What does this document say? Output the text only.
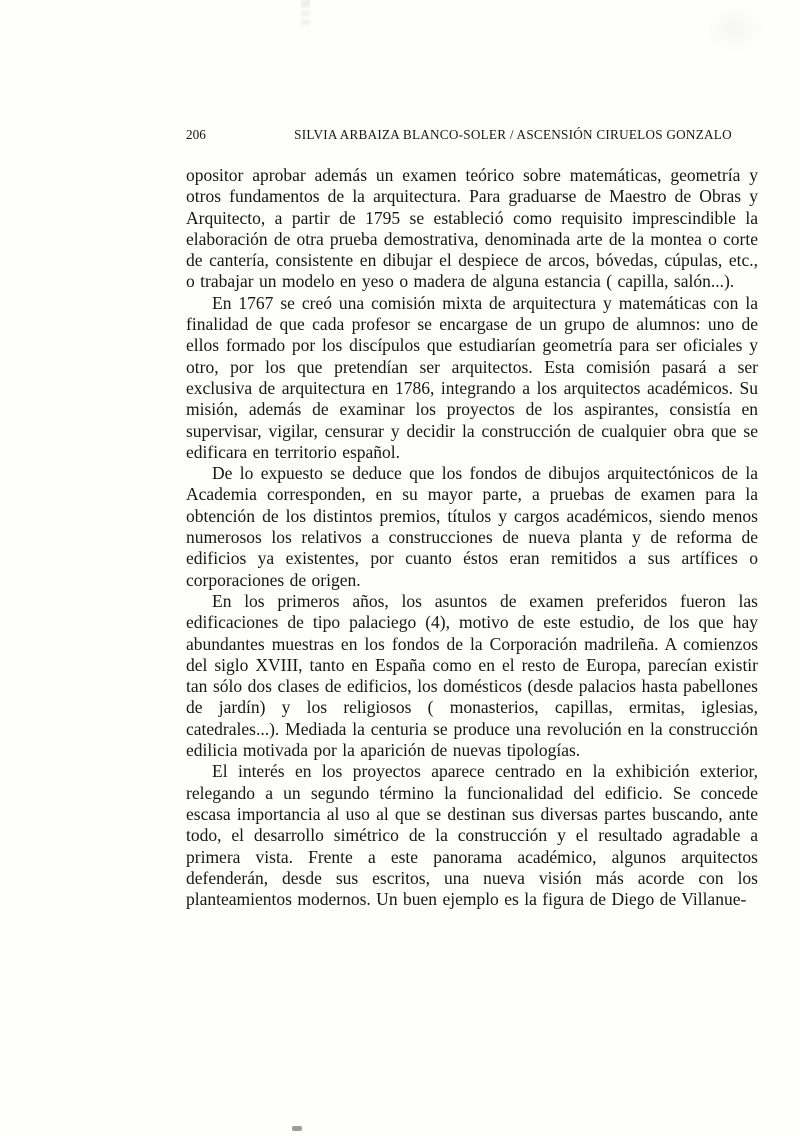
206	SILVIA ARBAIZA BLANCO-SOLER / ASCENSIÓN CIRUELOS GONZALO

opositor aprobar además un examen teórico sobre matemáticas, geometría y otros fundamentos de la arquitectura. Para graduarse de Maestro de Obras y Arquitecto, a partir de 1795 se estableció como requisito imprescindible la elaboración de otra prueba demostrativa, denominada arte de la montea o corte de cantería, consistente en dibujar el despiece de arcos, bóvedas, cúpulas, etc., o trabajar un modelo en yeso o madera de alguna estancia ( capilla, salón...).

En 1767 se creó una comisión mixta de arquitectura y matemáticas con la finalidad de que cada profesor se encargase de un grupo de alumnos: uno de ellos formado por los discípulos que estudiarían geometría para ser oficiales y otro, por los que pretendían ser arquitectos. Esta comisión pasará a ser exclusiva de arquitectura en 1786, integrando a los arquitectos académicos. Su misión, además de examinar los proyectos de los aspirantes, consistía en supervisar, vigilar, censurar y decidir la construcción de cualquier obra que se edificara en territorio español.

De lo expuesto se deduce que los fondos de dibujos arquitectónicos de la Academia corresponden, en su mayor parte, a pruebas de examen para la obtención de los distintos premios, títulos y cargos académicos, siendo menos numerosos los relativos a construcciones de nueva planta y de reforma de edificios ya existentes, por cuanto éstos eran remitidos a sus artífices o corporaciones de origen.

En los primeros años, los asuntos de examen preferidos fueron las edificaciones de tipo palaciego (4), motivo de este estudio, de los que hay abundantes muestras en los fondos de la Corporación madrileña. A comienzos del siglo XVIII, tanto en España como en el resto de Europa, parecían existir tan sólo dos clases de edificios, los domésticos (desde palacios hasta pabellones de jardín) y los religiosos ( monasterios, capillas, ermitas, iglesias, catedrales...). Mediada la centuria se produce una revolución en la construcción edilicia motivada por la aparición de nuevas tipologías.

El interés en los proyectos aparece centrado en la exhibición exterior, relegando a un segundo término la funcionalidad del edificio. Se concede escasa importancia al uso al que se destinan sus diversas partes buscando, ante todo, el desarrollo simétrico de la construcción y el resultado agradable a primera vista. Frente a este panorama académico, algunos arquitectos defenderán, desde sus escritos, una nueva visión más acorde con los planteamientos modernos. Un buen ejemplo es la figura de Diego de Villanue-
